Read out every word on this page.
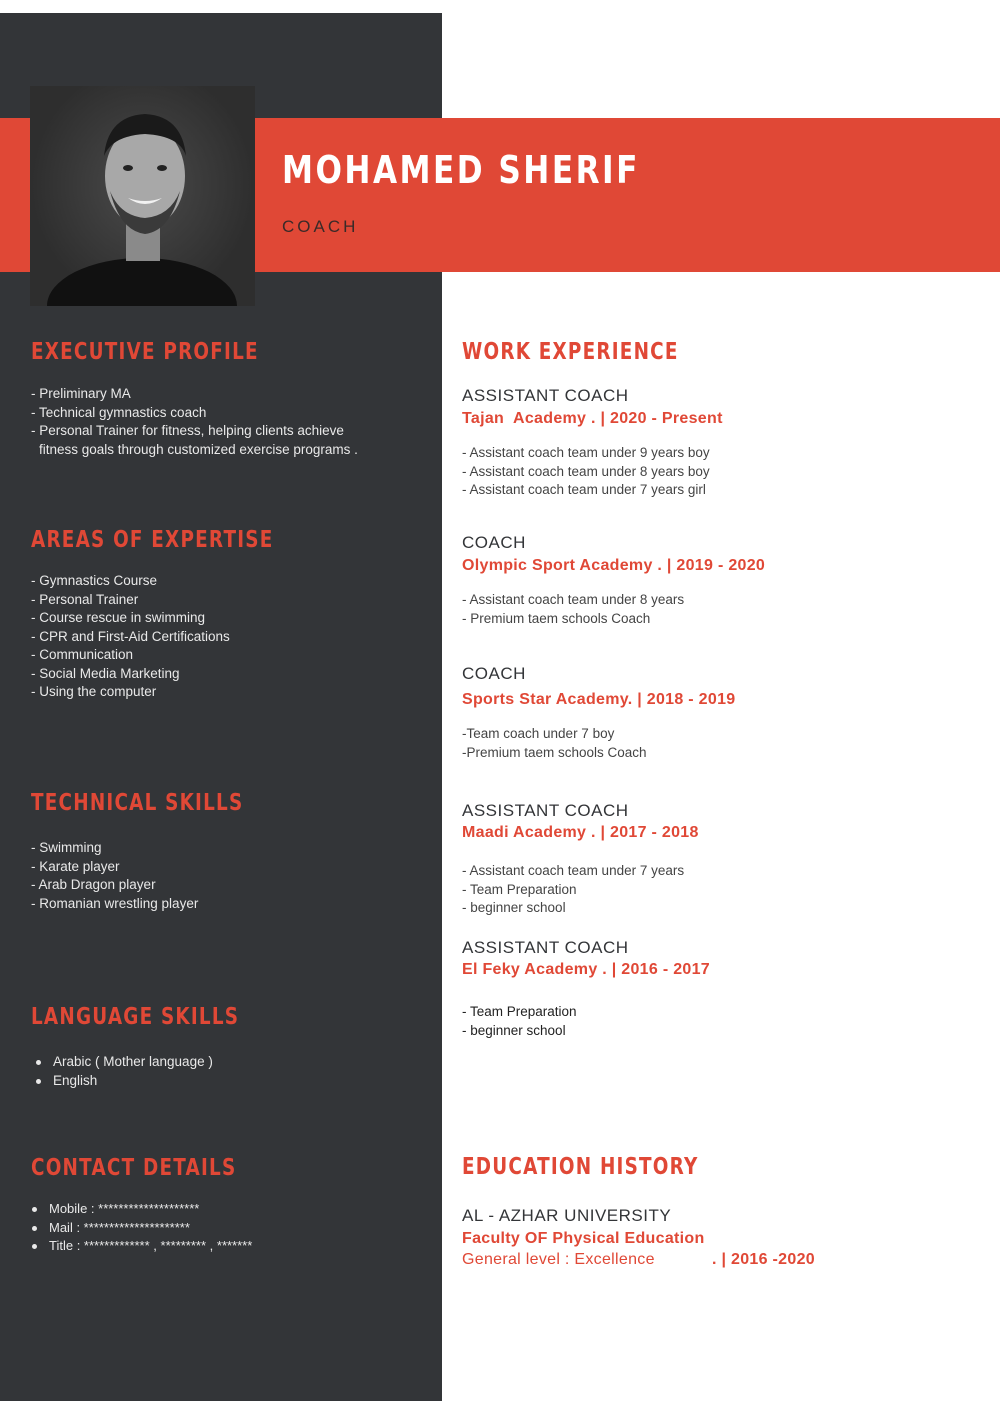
MOHAMED SHERIF
COACH
EXECUTIVE PROFILE
- Preliminary MA
- Technical gymnastics coach
- Personal Trainer for fitness, helping clients achieve fitness goals through customized exercise programs .
AREAS OF EXPERTISE
- Gymnastics Course
- Personal Trainer
- Course rescue in swimming
- CPR and First-Aid Certifications
- Communication
- Social Media Marketing
- Using the computer
TECHNICAL SKILLS
- Swimming
- Karate player
- Arab Dragon player
- Romanian wrestling player
LANGUAGE SKILLS
Arabic ( Mother language )
English
CONTACT DETAILS
Mobile : ********************
Mail : *********************
Title : ************* , ********* , *******
WORK EXPERIENCE
ASSISTANT COACH

Tajan  Academy . | 2020 - Present

- Assistant coach team under 9 years boy
- Assistant coach team under 8 years boy
- Assistant coach team under 7 years girl
COACH

Olympic Sport Academy . | 2019 - 2020

- Assistant coach team under 8 years
- Premium taem schools Coach
COACH

Sports Star Academy. | 2018 - 2019

-Team coach under 7 boy
-Premium taem schools Coach
ASSISTANT COACH

Maadi Academy . | 2017 - 2018

- Assistant coach team under 7 years
- Team Preparation
- beginner school
ASSISTANT COACH

El Feky Academy . | 2016 - 2017

- Team Preparation
- beginner school
EDUCATION HISTORY
AL - AZHAR UNIVERSITY

Faculty OF Physical Education

General level : Excellence	. | 2016 -2020
